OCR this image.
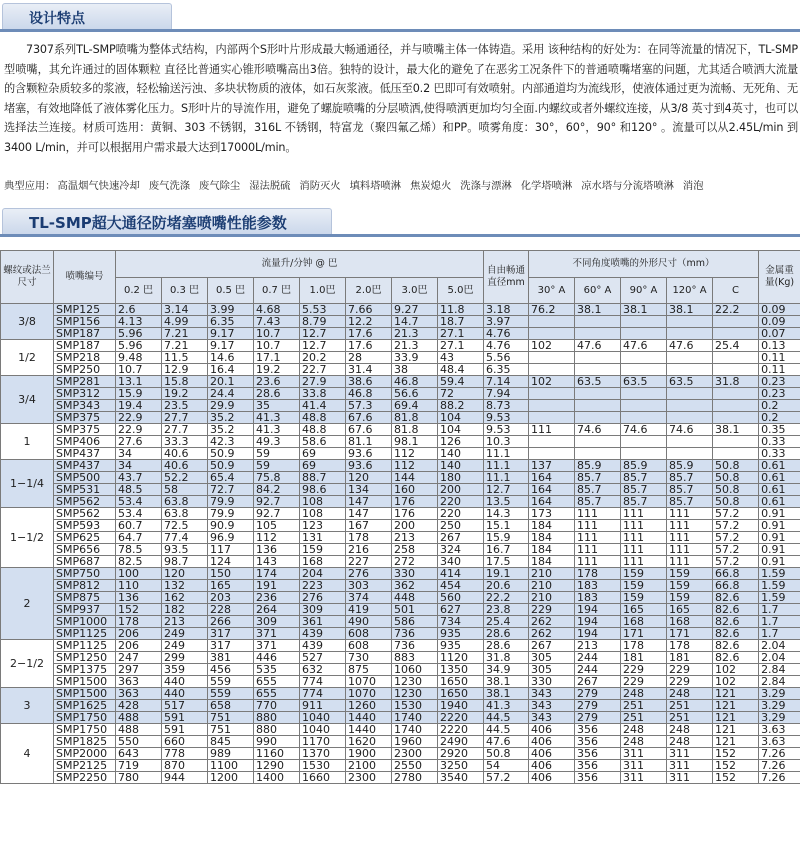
设计特点
7307系列TL-SMP喷嘴为整体式结构，内部两个S形叶片形成最大畅通通径，并与喷嘴主体一体铸造。采用 该种结构的好处为：在同等流量的情况下，TL-SMP型喷嘴，其允许通过的固体颗粒 直径比普通实心锥形喷嘴高出3倍。独特的设计，最大化的避免了在恶劣工况条件下的普通喷嘴堵塞的问题，尤其适合喷洒大流量的含颗粒杂质较多的浆液，轻松输送污浊、多块状物质的液体，如石灰浆液。低压至0.2 巴即可有效喷射。内部通道均为流线形，使液体通过更为流畅、无死角、无堵塞，有效地降低了液体雾化压力。S形叶片的导流作用，避免了螺旋喷嘴的分层喷洒,使得喷洒更加均匀全面.内螺纹或者外螺纹连接，从3/8 英寸到4英寸，也可以选择法兰连接。材质可选用：黄铜、303 不锈钢，316L 不锈钢，特富龙（聚四氟乙烯）和PP。喷雾角度：30°，60°，90° 和120° 。流量可以从2.45L/min 到3400 L/min，并可以根据用户需求最大达到17000L/min。
典型应用： 高温烟气快速冷却 废气洗涤 废气除尘 湿法脱硫 消防灭火 填料塔喷淋 焦炭熄火 洗涤与漂淋 化学塔喷淋 凉水塔与分流塔喷淋 消泡
TL-SMP超大通径防堵塞喷嘴性能参数
螺纹或法兰尺寸	喷嘴编号	流量升/分钟 @ 巴								自由畅通直径mm	不同角度喷嘴的外形尺寸（mm）					金属重量(Kg)
		0.2 巴	0.3 巴	0.5 巴	0.7 巴	1.0巴	2.0巴	3.0巴	5.0巴		30° A	60° A	90° A	120° A	C	
3/8	SMP125	2.6	3.14	3.99	4.68	5.53	7.66	9.27	11.8	3.18	76.2	38.1	38.1	38.1	22.2	0.09
	SMP156	4.13	4.99	6.35	7.43	8.79	12.2	14.7	18.7	3.97						0.09
	SMP187	5.96	7.21	9.17	10.7	12.7	17.6	21.3	27.1	4.76						0.07
1/2	SMP187	5.96	7.21	9.17	10.7	12.7	17.6	21.3	27.1	4.76	102	47.6	47.6	47.6	25.4	0.13
	SMP218	9.48	11.5	14.6	17.1	20.2	28	33.9	43	5.56						0.11
	SMP250	10.7	12.9	16.4	19.2	22.7	31.4	38	48.4	6.35						0.11
3/4	SMP281	13.1	15.8	20.1	23.6	27.9	38.6	46.8	59.4	7.14	102	63.5	63.5	63.5	31.8	0.23
	SMP312	15.9	19.2	24.4	28.6	33.8	46.8	56.6	72	7.94						0.23
	SMP343	19.4	23.5	29.9	35	41.4	57.3	69.4	88.2	8.73						0.2
	SMP375	22.9	27.7	35.2	41.3	48.8	67.6	81.8	104	9.53						0.2
1	SMP375	22.9	27.7	35.2	41.3	48.8	67.6	81.8	104	9.53	111	74.6	74.6	74.6	38.1	0.35
	SMP406	27.6	33.3	42.3	49.3	58.6	81.1	98.1	126	10.3						0.33
	SMP437	34	40.6	50.9	59	69	93.6	112	140	11.1						0.33
1−1/4	SMP437	34	40.6	50.9	59	69	93.6	112	140	11.1	137	85.9	85.9	85.9	50.8	0.61
	SMP500	43.7	52.2	65.4	75.8	88.7	120	144	180	11.1	164	85.7	85.7	85.7	50.8	0.61
	SMP531	48.5	58	72.7	84.2	98.6	134	160	200	12.7	164	85.7	85.7	85.7	50.8	0.61
	SMP562	53.4	63.8	79.9	92.7	108	147	176	220	13.5	164	85.7	85.7	85.7	50.8	0.61
1−1/2	SMP562	53.4	63.8	79.9	92.7	108	147	176	220	14.3	173	111	111	111	57.2	0.91
	SMP593	60.7	72.5	90.9	105	123	167	200	250	15.1	184	111	111	111	57.2	0.91
	SMP625	64.7	77.4	96.9	112	131	178	213	267	15.9	184	111	111	111	57.2	0.91
	SMP656	78.5	93.5	117	136	159	216	258	324	16.7	184	111	111	111	57.2	0.91
	SMP687	82.5	98.7	124	143	168	227	272	340	17.5	184	111	111	111	57.2	0.91
2	SMP750	100	120	150	174	204	276	330	414	19.1	210	178	159	159	66.8	1.59
	SMP812	110	132	165	191	223	303	362	454	20.6	210	183	159	159	66.8	1.59
	SMP875	136	162	203	236	276	374	448	560	22.2	210	183	159	159	82.6	1.59
	SMP937	152	182	228	264	309	419	501	627	23.8	229	194	165	165	82.6	1.7
	SMP1000	178	213	266	309	361	490	586	734	25.4	262	194	168	168	82.6	1.7
	SMP1125	206	249	317	371	439	608	736	935	28.6	262	194	171	171	82.6	1.7
2−1/2	SMP1125	206	249	317	371	439	608	736	935	28.6	267	213	178	178	82.6	2.04
	SMP1250	247	299	381	446	527	730	883	1120	31.8	305	244	181	181	82.6	2.04
	SMP1375	297	359	456	535	632	875	1060	1350	34.9	305	244	229	229	102	2.84
	SMP1500	363	440	559	655	774	1070	1230	1650	38.1	330	267	229	229	102	2.84
3	SMP1500	363	440	559	655	774	1070	1230	1650	38.1	343	279	248	248	121	3.29
	SMP1625	428	517	658	770	911	1260	1530	1940	41.3	343	279	251	251	121	3.29
	SMP1750	488	591	751	880	1040	1440	1740	2220	44.5	343	279	251	251	121	3.29
4	SMP1750	488	591	751	880	1040	1440	1740	2220	44.5	406	356	248	248	121	3.63
	SMP1825	550	660	845	990	1170	1620	1960	2490	47.6	406	356	248	248	121	3.63
	SMP2000	643	778	989	1160	1370	1900	2300	2920	50.8	406	356	311	311	152	7.26
	SMP2125	719	870	1100	1290	1530	2100	2550	3250	54	406	356	311	311	152	7.26
	SMP2250	780	944	1200	1400	1660	2300	2780	3540	57.2	406	356	311	311	152	7.26
